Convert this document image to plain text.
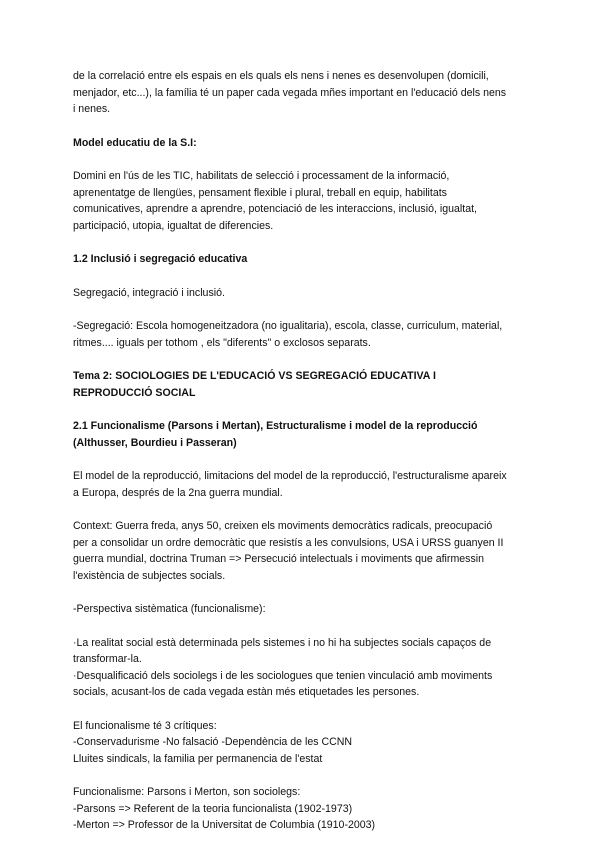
de la correlació entre els espais en els quals els nens i nenes es desenvolupen (domicili,
menjador, etc...), la família té un paper cada vegada mñes important en l'educació dels nens
i nenes.

Model educatiu de la S.I:

Domini en l'ús de les TIC, habilitats de selecció i processament de la informació,
aprenentatge de llengües, pensament flexible i plural, treball en equip, habilitats
comunicatives, aprendre a aprendre, potenciació de les interaccions, inclusió, igualtat,
participació, utopia, igualtat de diferencies.

1.2 Inclusió i segregació educativa

Segregació, integració i inclusió.

-Segregació: Escola homogeneitzadora (no igualitaria), escola, classe, curriculum, material,
ritmes.... iguals per tothom , els "diferents" o exclosos separats.

Tema 2: SOCIOLOGIES DE L'EDUCACIÓ VS SEGREGACIÓ EDUCATIVA I
REPRODUCCIÓ SOCIAL

2.1 Funcionalisme (Parsons i Mertan), Estructuralisme i model de la reproducció
(Althusser, Bourdieu i Passeran)

El model de la reproducció, limitacions del model de la reproducció, l'estructuralisme apareix
a Europa, després de la 2na guerra mundial.

Context: Guerra freda, anys 50, creixen els moviments democràtics radicals, preocupació
per a consolidar un ordre democràtic que resistís a les convulsions, USA i URSS guanyen II
guerra mundial, doctrina Truman => Persecució intelectuals i moviments que afirmessin
l'existència de subjectes socials.

-Perspectiva sistèmatica (funcionalisme):

·La realitat social està determinada pels sistemes i no hi ha subjectes socials capaços de
transformar-la.
·Desqualificació dels sociolegs i de les sociologues que tenien vinculació amb moviments
socials, acusant-los de cada vegada estàn més etiquetades les persones.

El funcionalisme té 3 crítiques:
-Conservadurisme -No falsació -Dependència de les CCNN
Lluites sindicals, la familia per permanencia de l'estat

Funcionalisme: Parsons i Merton, son sociolegs:
-Parsons => Referent de la teoria funcionalista (1902-1973)
-Merton => Professor de la Universitat de Columbia (1910-2003)
